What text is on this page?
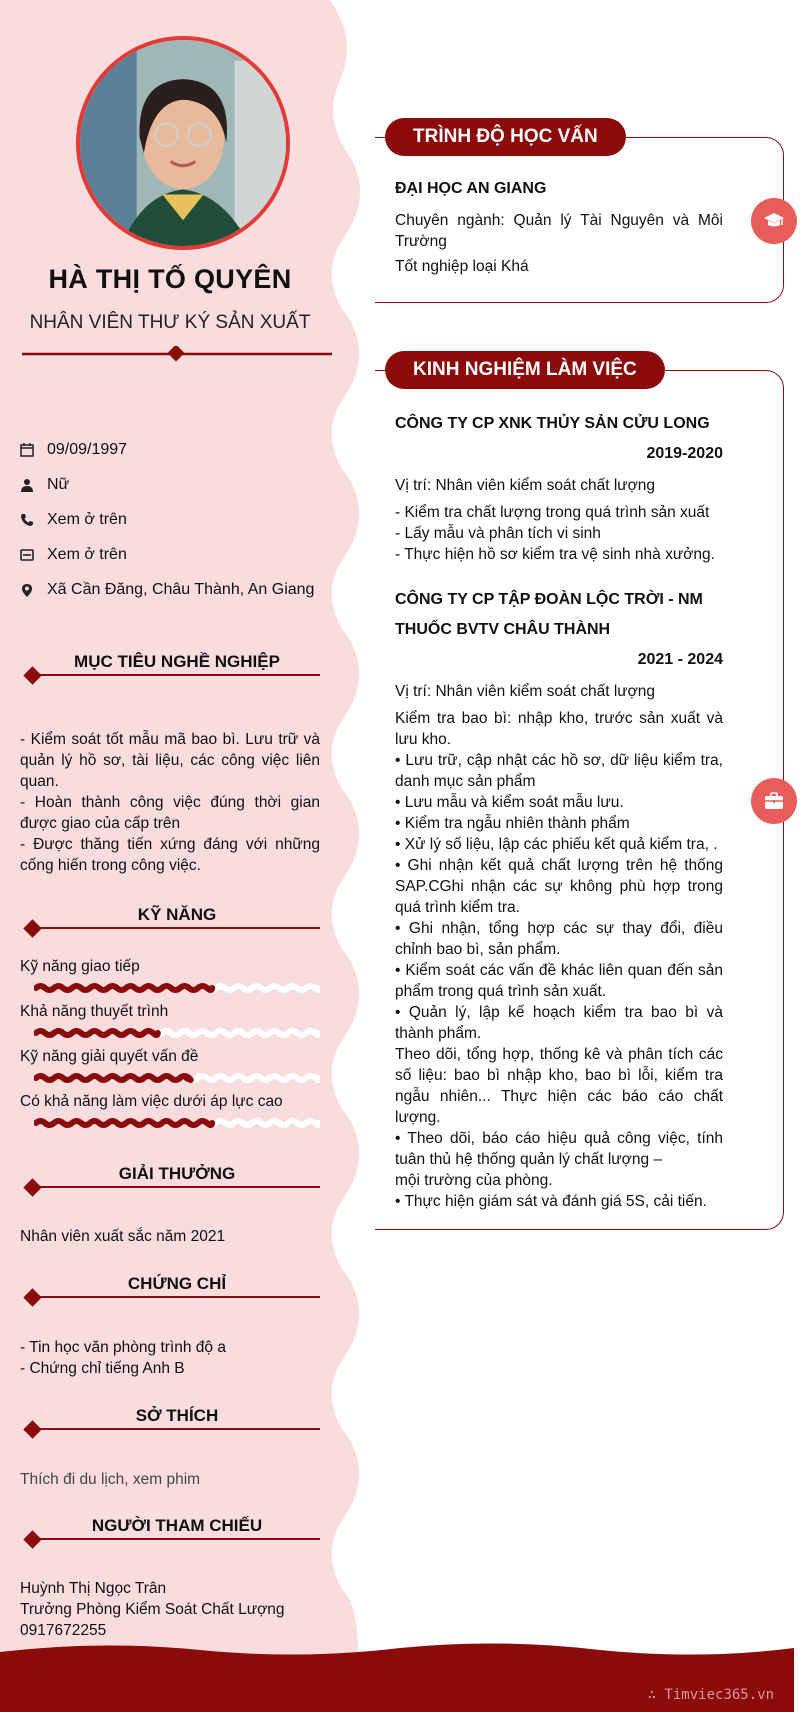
HÀ THỊ TỐ QUYÊN
NHÂN VIÊN THƯ KÝ SẢN XUẤT
09/09/1997
Nữ
Xem ở trên
Xem ở trên
Xã Cần Đăng, Châu Thành, An Giang
MỤC TIÊU NGHỀ NGHIỆP
- Kiểm soát tốt mẫu mã bao bì. Lưu trữ và quản lý hồ sơ, tài liệu, các công việc liên quan.
- Hoàn thành công việc đúng thời gian được giao của cấp trên
- Được thăng tiến xứng đáng với những cống hiến trong công việc.
KỸ NĂNG
Kỹ năng giao tiếp
Khả năng thuyết trình
Kỹ năng giải quyết vấn đề
Có khả năng làm việc dưới áp lực cao
GIẢI THƯỞNG
Nhân viên xuất sắc năm 2021
CHỨNG CHỈ
- Tin học văn phòng trình độ a
- Chứng chỉ tiếng Anh B
SỞ THÍCH
Thích đi du lịch, xem phim
NGƯỜI THAM CHIẾU
Huỳnh Thị Ngọc Trân
Trưởng Phòng Kiểm Soát Chất Lượng
0917672255
TRÌNH ĐỘ HỌC VẤN
ĐẠI HỌC AN GIANG
Chuyên ngành: Quản lý Tài Nguyên và Môi Trường
Tốt nghiệp loại Khá
KINH NGHIỆM LÀM VIỆC
CÔNG TY CP XNK THỦY SẢN CỬU LONG
2019-2020
Vị trí: Nhân viên kiểm soát chất lượng
- Kiểm tra chất lượng trong quá trình sản xuất
- Lấy mẫu và phân tích vi sinh
- Thực hiện hồ sơ kiểm tra vệ sinh nhà xưởng.
CÔNG TY CP TẬP ĐOÀN LỘC TRỜI - NM THUỐC BVTV CHÂU THÀNH
2021 - 2024
Vị trí: Nhân viên kiểm soát chất lượng
Kiểm tra bao bì: nhập kho, trước sản xuất và lưu kho.
• Lưu trữ, cập nhật các hồ sơ, dữ liệu kiểm tra, danh mục sản phẩm
• Lưu mẫu và kiểm soát mẫu lưu.
• Kiểm tra ngẫu nhiên thành phẩm
• Xử lý số liệu, lập các phiếu kết quả kiểm tra, .
• Ghi nhận kết quả chất lượng trên hệ thống SAP.CGhi nhận các sự không phù hợp trong quá trình kiểm tra.
• Ghi nhận, tổng hợp các sự thay đổi, điều chỉnh bao bì, sản phẩm.
• Kiểm soát các vấn đề khác liên quan đến sản phẩm trong quá trình sản xuất.
• Quản lý, lập kế hoạch kiểm tra bao bì và thành phẩm.
Theo dõi, tổng hợp, thống kê và phân tích các số liệu: bao bì nhập kho, bao bì lỗi, kiểm tra ngẫu nhiên... Thực hiện các báo cáo chất lượng.
• Theo dõi, báo cáo hiệu quả công việc, tính tuân thủ hệ thống quản lý chất lượng –
mội trường của phòng.
• Thực hiện giám sát và đánh giá 5S, cải tiến.
∴ Timviec365.vn
